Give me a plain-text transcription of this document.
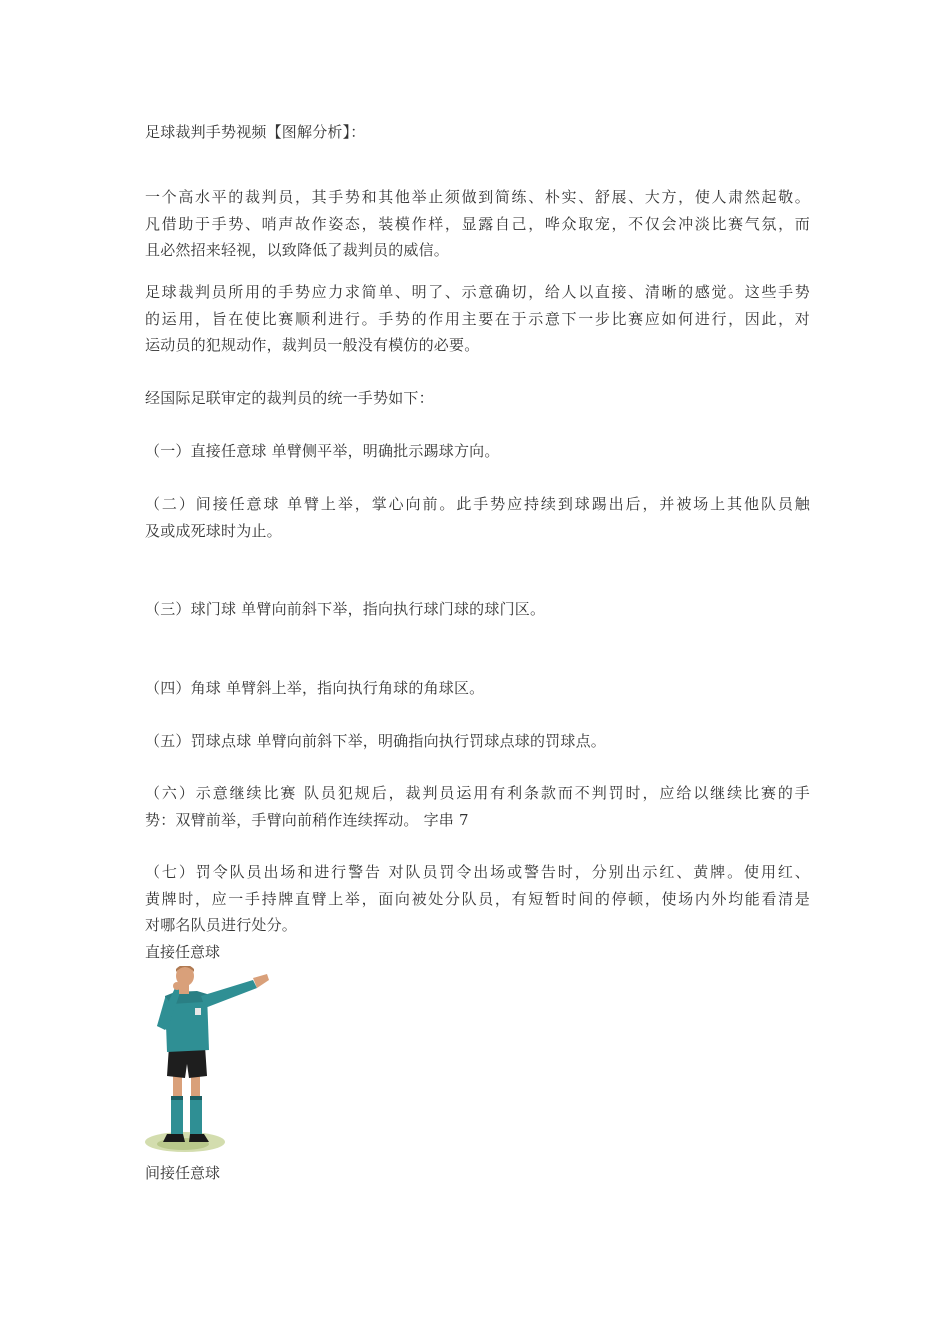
足球裁判手势视频【图解分析】：
一个高水平的裁判员，其手势和其他举止须做到简练、朴实、舒展、大方，使人肃然起敬。
凡借助于手势、哨声故作姿态，装模作样，显露自己，哗众取宠，不仅会冲淡比赛气氛，而
且必然招来轻视，以致降低了裁判员的威信。
足球裁判员所用的手势应力求简单、明了、示意确切，给人以直接、清晰的感觉。这些手势
的运用，旨在使比赛顺利进行。手势的作用主要在于示意下一步比赛应如何进行，因此，对
运动员的犯规动作，裁判员一般没有模仿的必要。
经国际足联审定的裁判员的统一手势如下：
（一）直接任意球 单臂侧平举，明确批示踢球方向。
（二）间接任意球 单臂上举，掌心向前。此手势应持续到球踢出后，并被场上其他队员触
及或成死球时为止。
（三）球门球 单臂向前斜下举，指向执行球门球的球门区。
（四）角球 单臂斜上举，指向执行角球的角球区。
（五）罚球点球 单臂向前斜下举，明确指向执行罚球点球的罚球点。
（六）示意继续比赛 队员犯规后，裁判员运用有利条款而不判罚时，应给以继续比赛的手
势：双臂前举，手臂向前稍作连续挥动。 字串 7
（七）罚令队员出场和进行警告 对队员罚令出场或警告时，分别出示红、黄牌。使用红、
黄牌时，应一手持牌直臂上举，面向被处分队员，有短暂时间的停顿，使场内外均能看清是
对哪名队员进行处分。
直接任意球
间接任意球
